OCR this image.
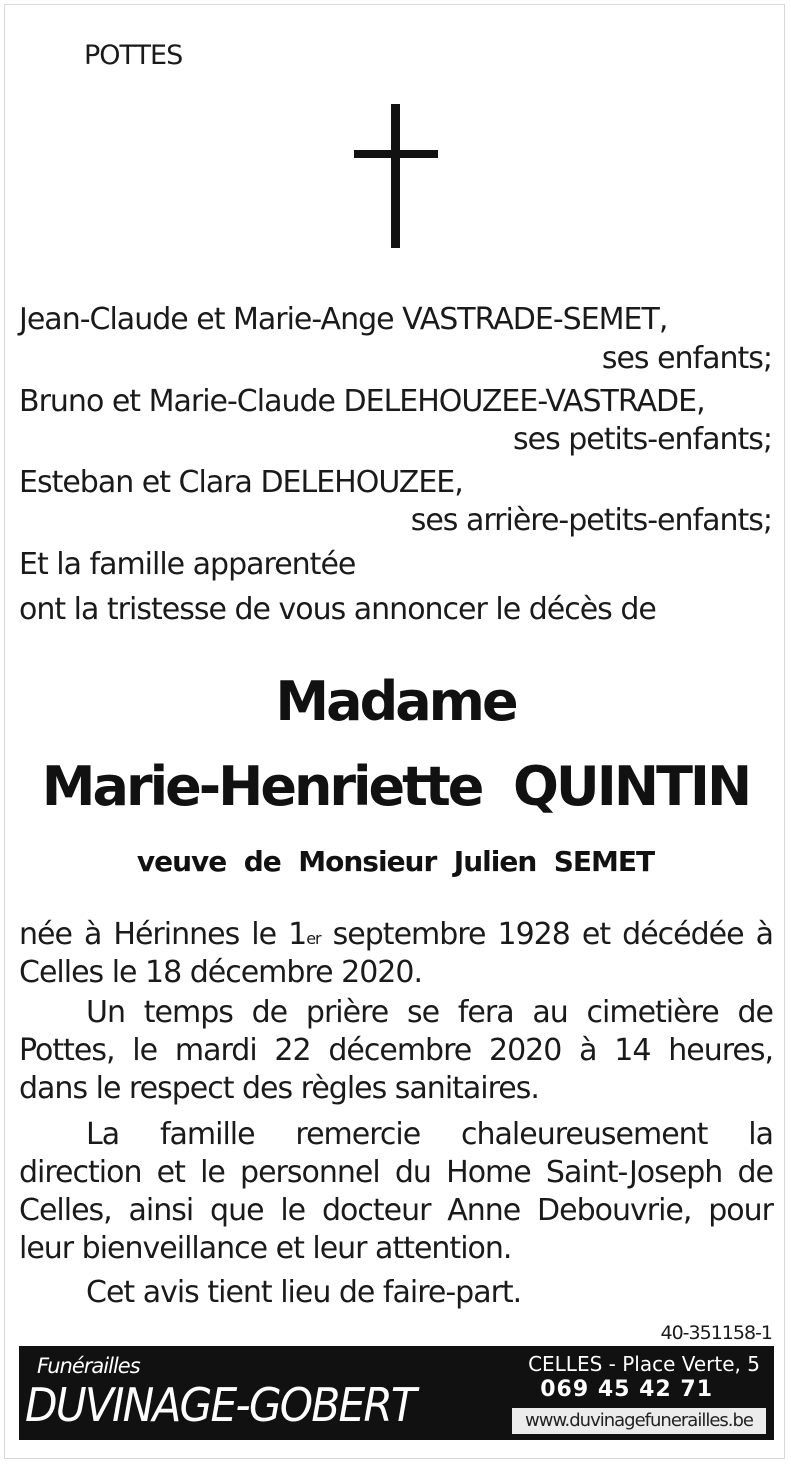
POTTES
Jean-Claude et Marie-Ange VASTRADE-SEMET,
ses enfants;
Bruno et Marie-Claude DELEHOUZEE-VASTRADE,
ses petits-enfants;
Esteban et Clara DELEHOUZEE,
ses arrière-petits-enfants;
Et la famille apparentée
ont la tristesse de vous annoncer le décès de
Madame
Marie-Henriette  QUINTIN
veuve  de  Monsieur  Julien  SEMET
née à Hérinnes le 1er septembre 1928 et décédée à Celles le 18 décembre 2020.
Un temps de prière se fera au cimetière de Pottes, le mardi 22 décembre 2020 à 14 heures, dans le respect des règles sanitaires.
La famille remercie chaleureusement la direction et le personnel du Home Saint-Joseph de Celles, ainsi que le docteur Anne Debouvrie, pour leur bienveillance et leur attention.
Cet avis tient lieu de faire-part.
40-351158-1
Funérailles
DUVINAGE-GOBERT
CELLES - Place Verte, 5
069 45 42 71
www.duvinagefunerailles.be
